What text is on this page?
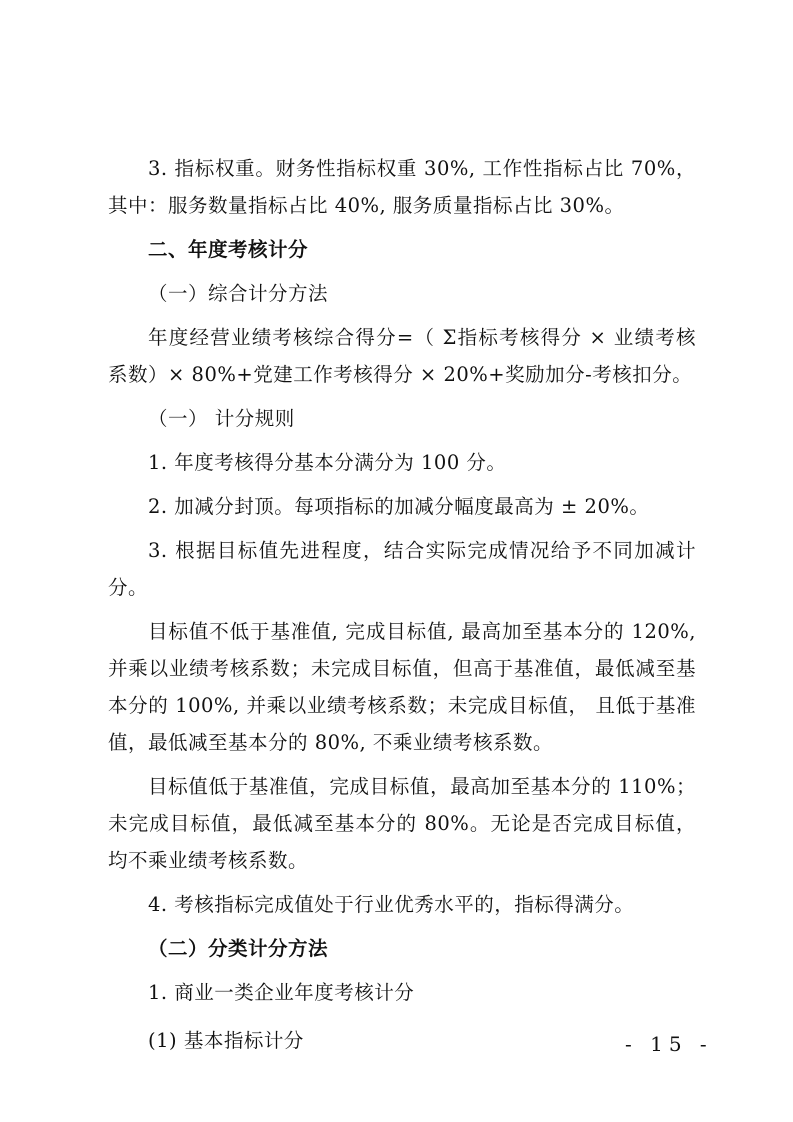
3. 指标权重。财务性指标权重 30%, 工作性指标占比 70%， 其中：服务数量指标占比 40%, 服务质量指标占比 30%。

二、年度考核计分

（一）综合计分方法

年度经营业绩考核综合得分=（ Σ指标考核得分 × 业绩考核系数）× 80%+党建工作考核得分 × 20%+奖励加分-考核扣分。

（一） 计分规则

1. 年度考核得分基本分满分为 100 分。

2. 加减分封顶。每项指标的加减分幅度最高为 ± 20%。

3. 根据目标值先进程度，结合实际完成情况给予不同加减计分。

目标值不低于基准值, 完成目标值, 最高加至基本分的 120%, 并乘以业绩考核系数；未完成目标值，但高于基准值，最低减至基本分的 100%, 并乘以业绩考核系数；未完成目标值， 且低于基准值，最低减至基本分的 80%, 不乘业绩考核系数。

目标值低于基准值，完成目标值，最高加至基本分的 110%；未完成目标值，最低减至基本分的 80%。无论是否完成目标值，均不乘业绩考核系数。

4. 考核指标完成值处于行业优秀水平的，指标得满分。

（二）分类计分方法

1. 商业一类企业年度考核计分

(1) 基本指标计分	- 15 -
